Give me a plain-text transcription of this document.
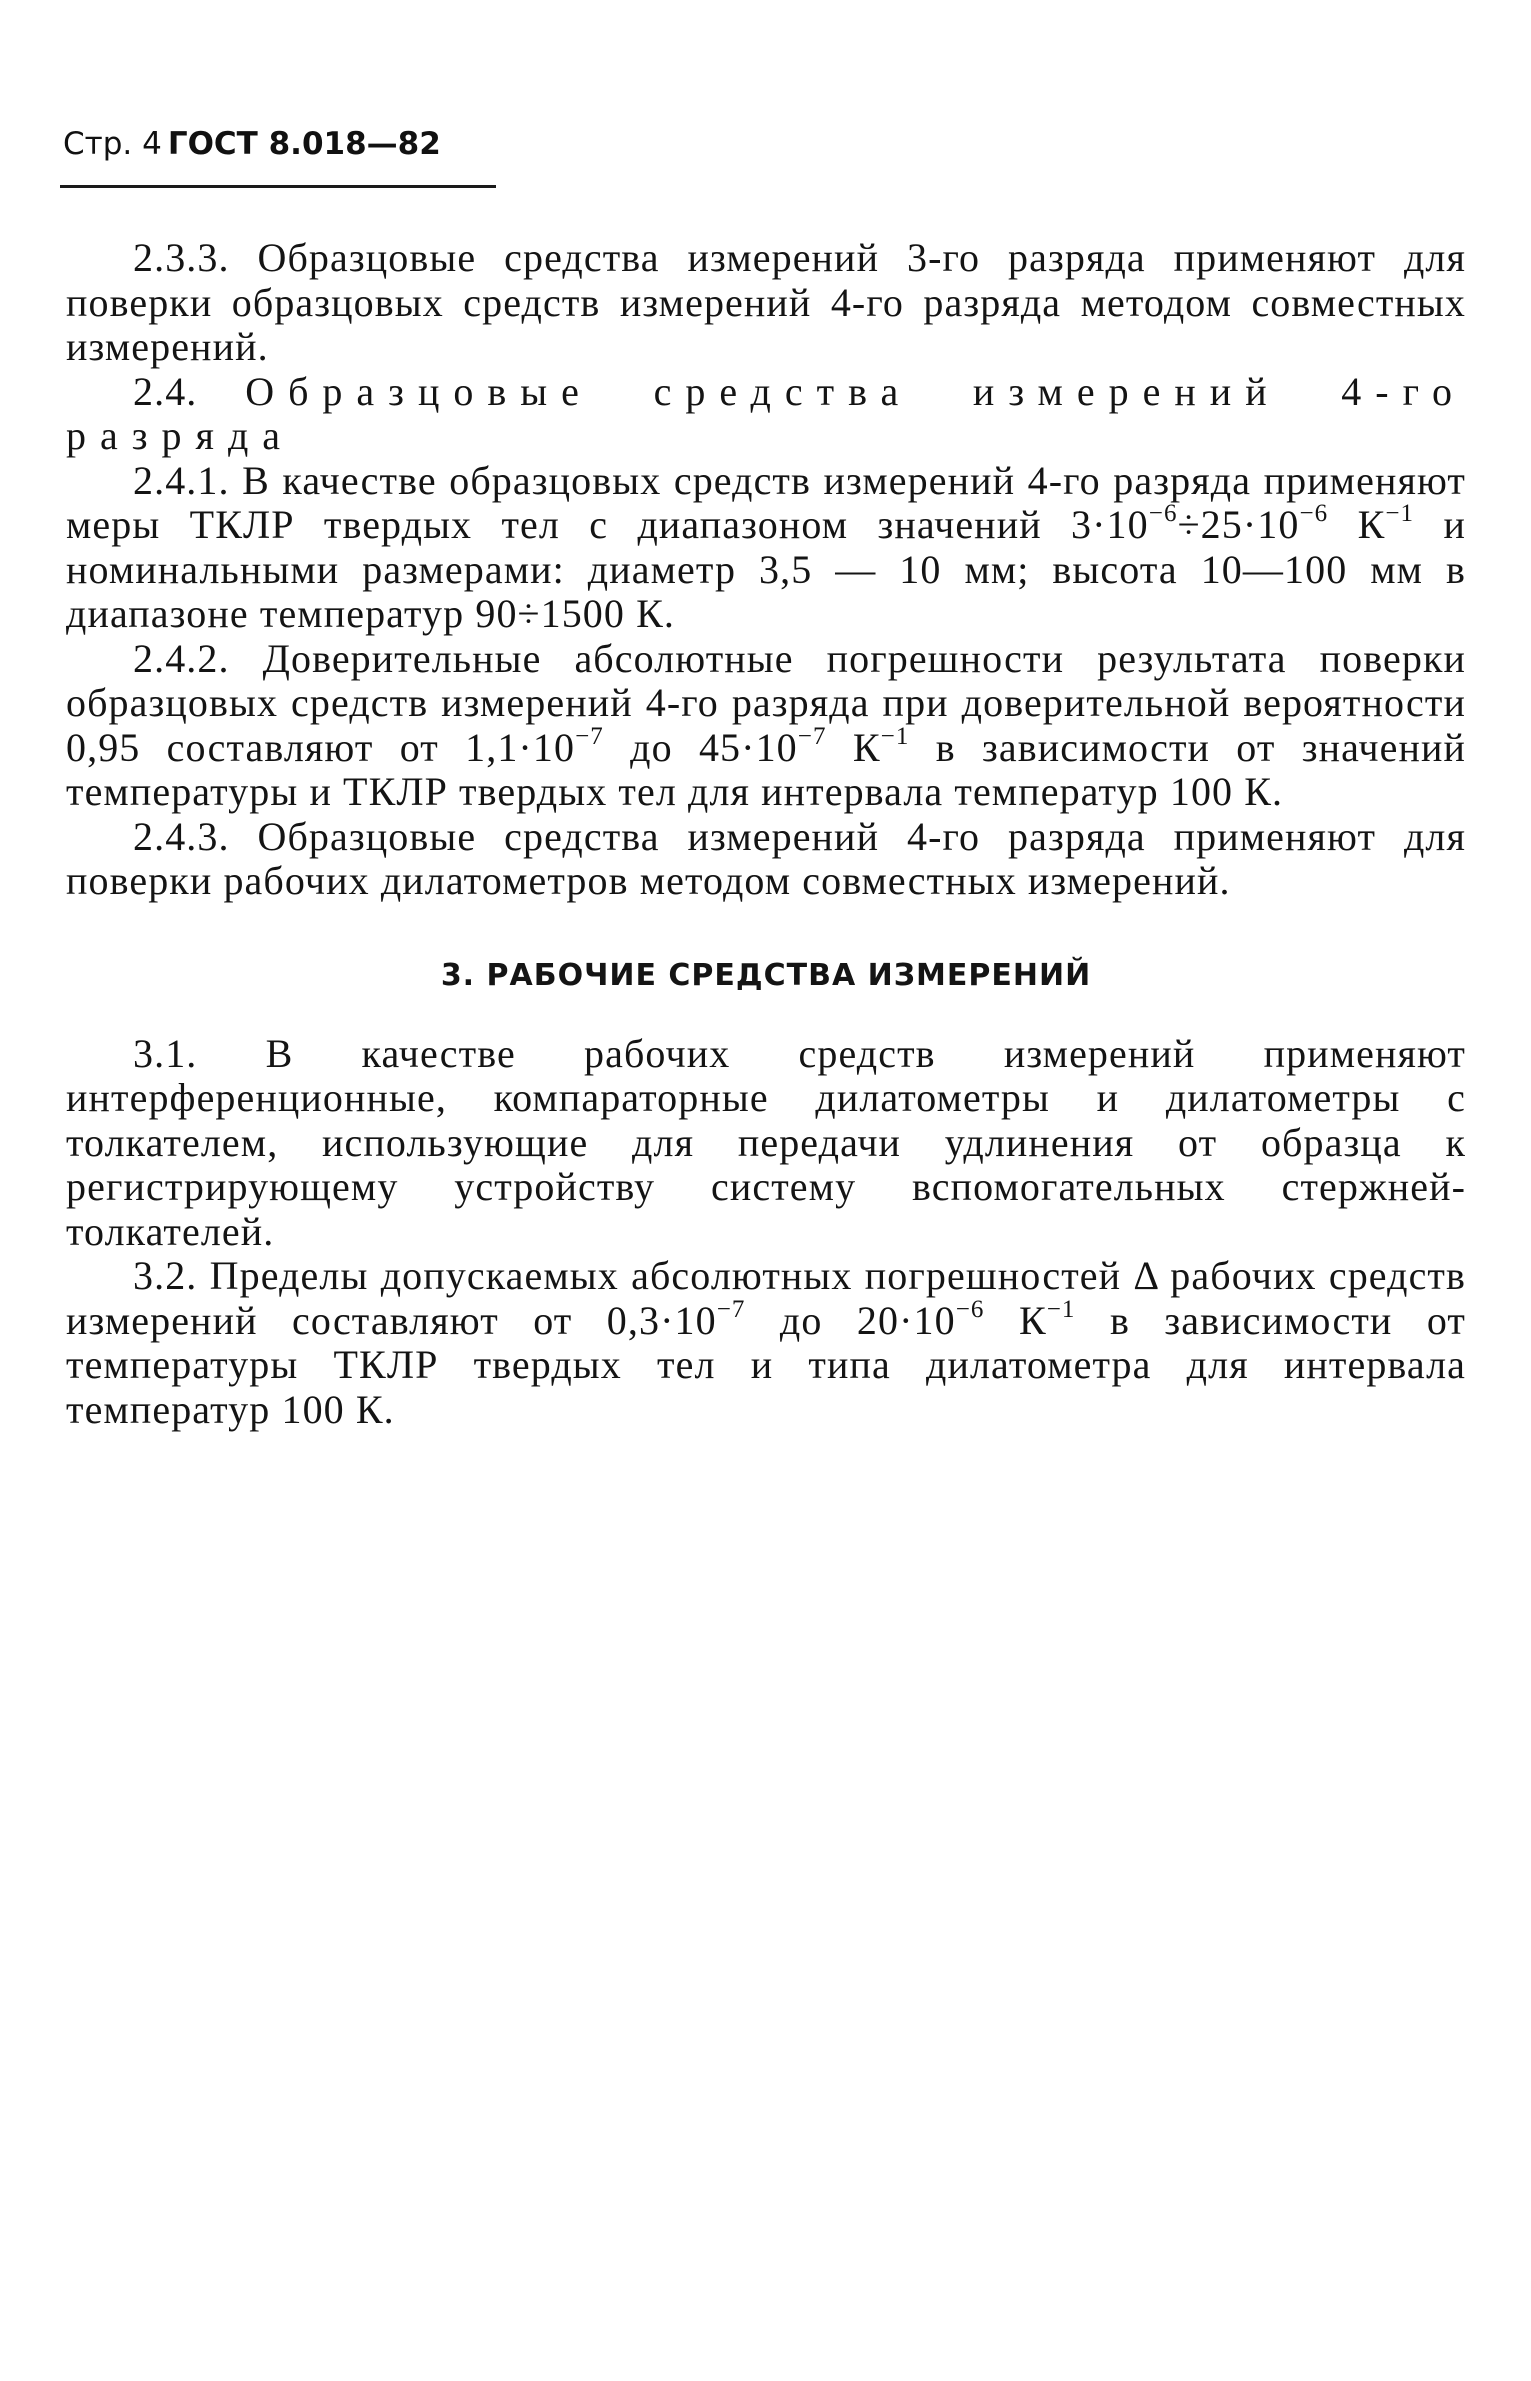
Стр. 4 ГОСТ 8.018—82

2.3.3. Образцовые средства измерений 3-го разряда применяют для поверки образцовых средств измерений 4-го разряда методом совместных измерений.

2.4. Образцовые средства измерений 4-го разряда

2.4.1. В качестве образцовых средств измерений 4-го разряда применяют меры ТКЛР твердых тел с диапазоном значений $3\cdot 10^{-6}\div 25\cdot 10^{-6}$ $К^{-1}$ и номинальными размерами: диаметр 3,5 — 10 мм; высота 10—100 мм в диапазоне температур 90÷1500 К.

2.4.2. Доверительные абсолютные погрешности результата поверки образцовых средств измерений 4-го разряда при доверительной вероятности 0,95 составляют от $1,1\cdot 10^{-7}$ до $45\cdot 10^{-7}$ $К^{-1}$ в зависимости от значений температуры и ТКЛР твердых тел для интервала температур 100 К.

2.4.3. Образцовые средства измерений 4-го разряда применяют для поверки рабочих дилатометров методом совместных измерений.

3. РАБОЧИЕ СРЕДСТВА ИЗМЕРЕНИЙ

3.1. В качестве рабочих средств измерений применяют интерференционные, компараторные дилатометры и дилатометры с толкателем, использующие для передачи удлинения от образца к регистрирующему устройству систему вспомогательных стержней-толкателей.

3.2. Пределы допускаемых абсолютных погрешностей Δ рабочих средств измерений составляют от $0,3\cdot 10^{-7}$ до $20\cdot 10^{-6}$ $К^{-1}$ в зависимости от температуры ТКЛР твердых тел и типа дилатометра для интервала температур 100 К.
